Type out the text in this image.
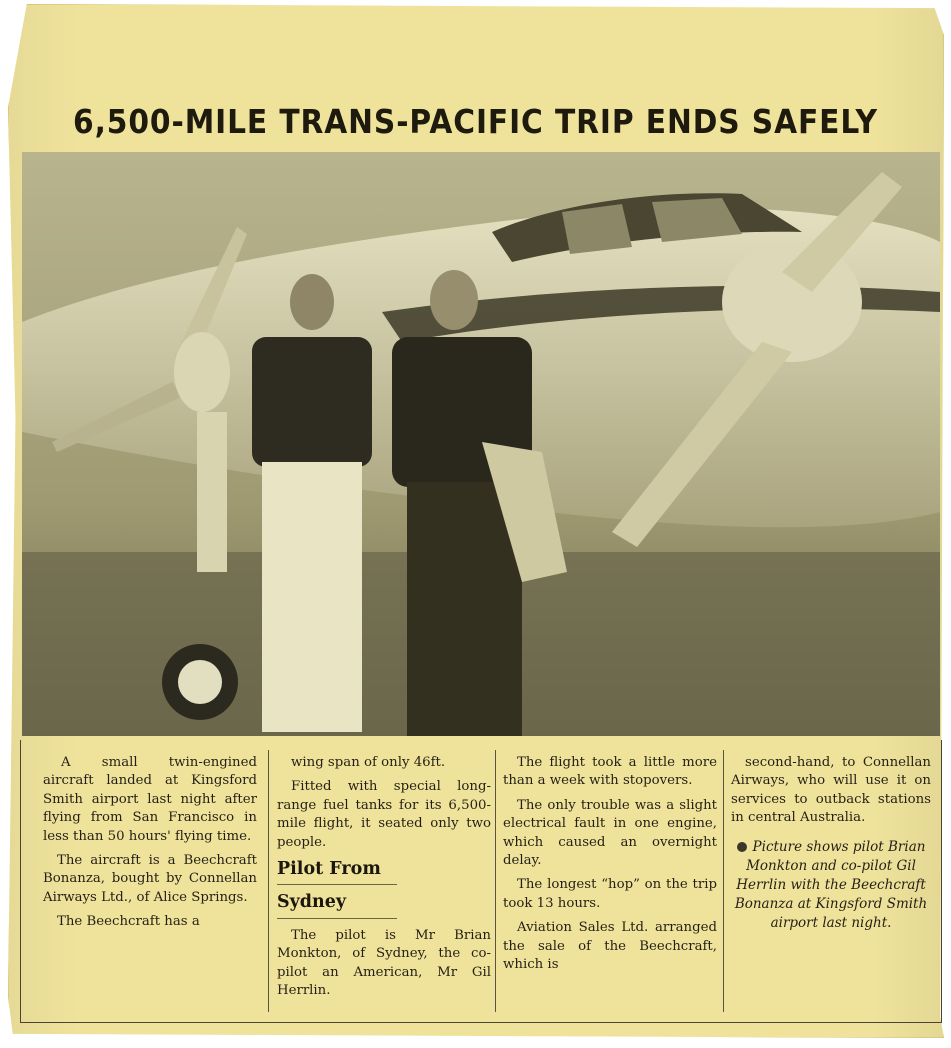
6,500-MILE TRANS-PACIFIC TRIP ENDS SAFELY

A small twin-engined aircraft landed at Kingsford Smith airport last night after flying from San Francisco in less than 50 hours' flying time.

The aircraft is a Beechcraft Bonanza, bought by Connellan Airways Ltd., of Alice Springs.

The Beechcraft has a

wing span of only 46ft.

Fitted with special long-range fuel tanks for its 6,500-mile flight, it seated only two people.

Pilot From
Sydney

The pilot is Mr Brian Monkton, of Sydney, the co-pilot an American, Mr Gil Herrlin.

The flight took a little more than a week with stopovers.

The only trouble was a slight electrical fault in one engine, which caused an overnight delay.

The longest “hop” on the trip took 13 hours.

Aviation Sales Ltd. arranged the sale of the Beechcraft, which is

second-hand, to Connellan Airways, who will use it on services to outback stations in central Australia.

Picture shows pilot Brian Monkton and co-pilot Gil Herrlin with the Beechcraft Bonanza at Kingsford Smith airport last night.
